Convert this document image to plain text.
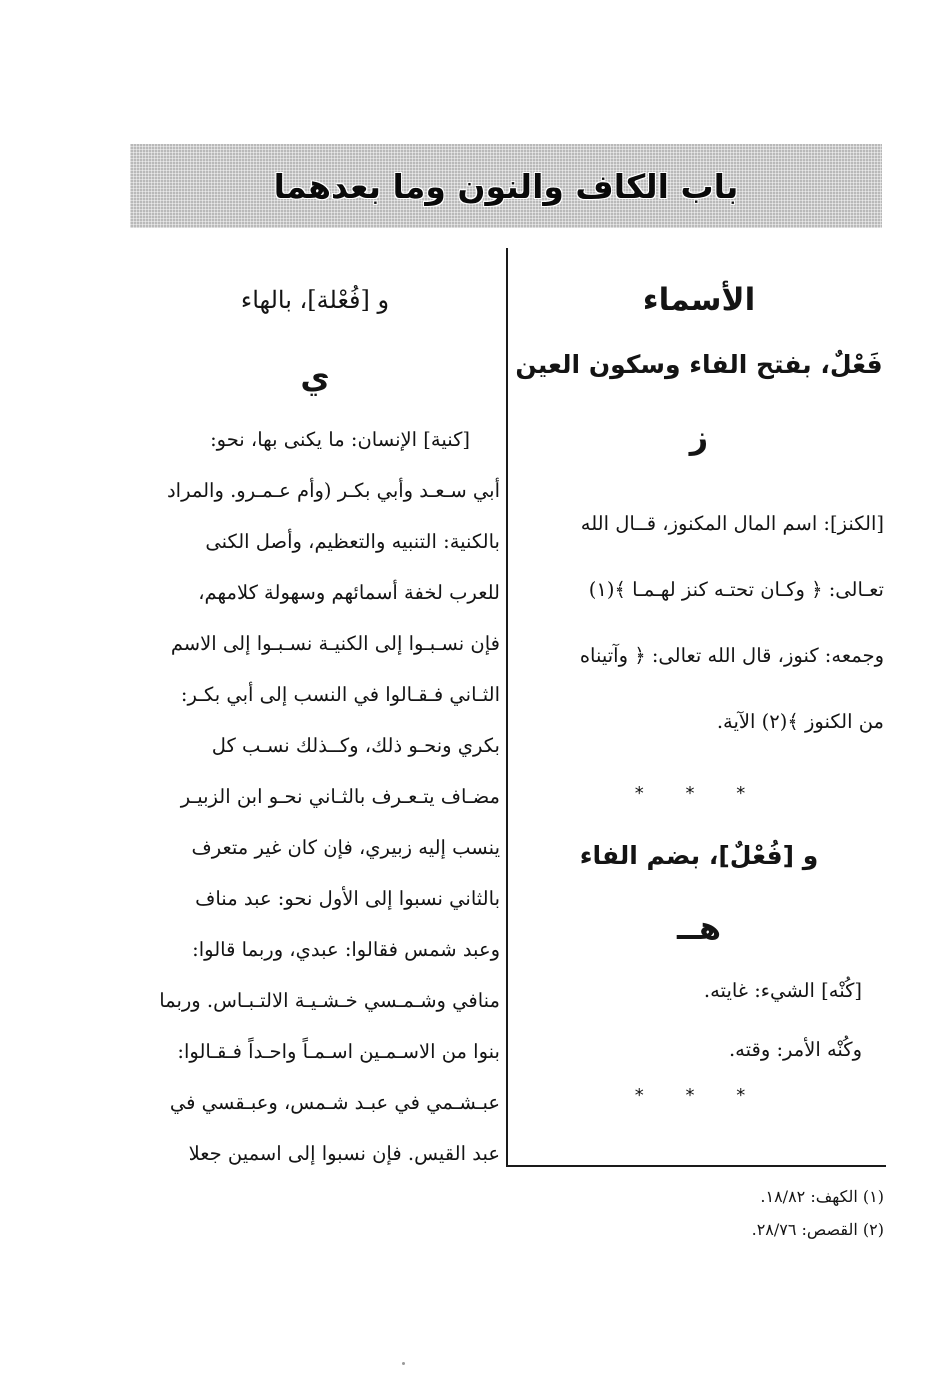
باب الكاف والنون وما بعدهما

الأسماء

فَعْلٌ، بفتح الفاء وسكون العين

ز

[الكنز]: اسم المال المكنوز، قــال الله

تعـالى: ﴿ وكـان تحتـه كنز لهـمـا ﴾(١)

وجمعه: كنوز، قال الله تعالى: ﴿ وآتيناه

من الكنوز ﴾(٢) الآية.

* * *

و [فُعْلٌ]، بضم الفاء

هــ

[كُنْه] الشيء: غايته.

وكُنْه الأمر: وقته.

* * *

و [فُعْلة]، بالهاء

ي

[كنية] الإنسان: ما يكنى بها، نحو:

أبي سـعـد وأبي بكـر (وأم عـمـرو. والمراد

بالكنية: التنبيه والتعظيم، وأصل الكنى

للعرب لخفة أسمائهم وسهولة كلامهم،

فإن نسـبـوا إلى الكنيـة نسـبـوا إلى الاسم

الثـاني فـقـالوا في النسب إلى أبي بكـر:

بكري ونحـو ذلك، وكــذلك نسـب كل

مضـاف يتـعـرف بالثـاني نحـو ابن الزبيـر

ينسب إليه زبيري، فإن كان غير متعرف

بالثاني نسبوا إلى الأول نحو: عبد مناف

وعبد شمس فقالوا: عبدي، وربما قالوا:

منافي وشـمـسي خـشـيـة الالتـبـاس. وربما

بنوا من الاسـمـين اسـمـاً واحـداً فـقـالوا:

عبـشـمي في عبـد شـمس، وعبـقسي في

عبد القيس. فإن نسبوا إلى اسمين جعلا

(١) الكهف: ١٨/٨٢.
(٢) القصص: ٢٨/٧٦.
